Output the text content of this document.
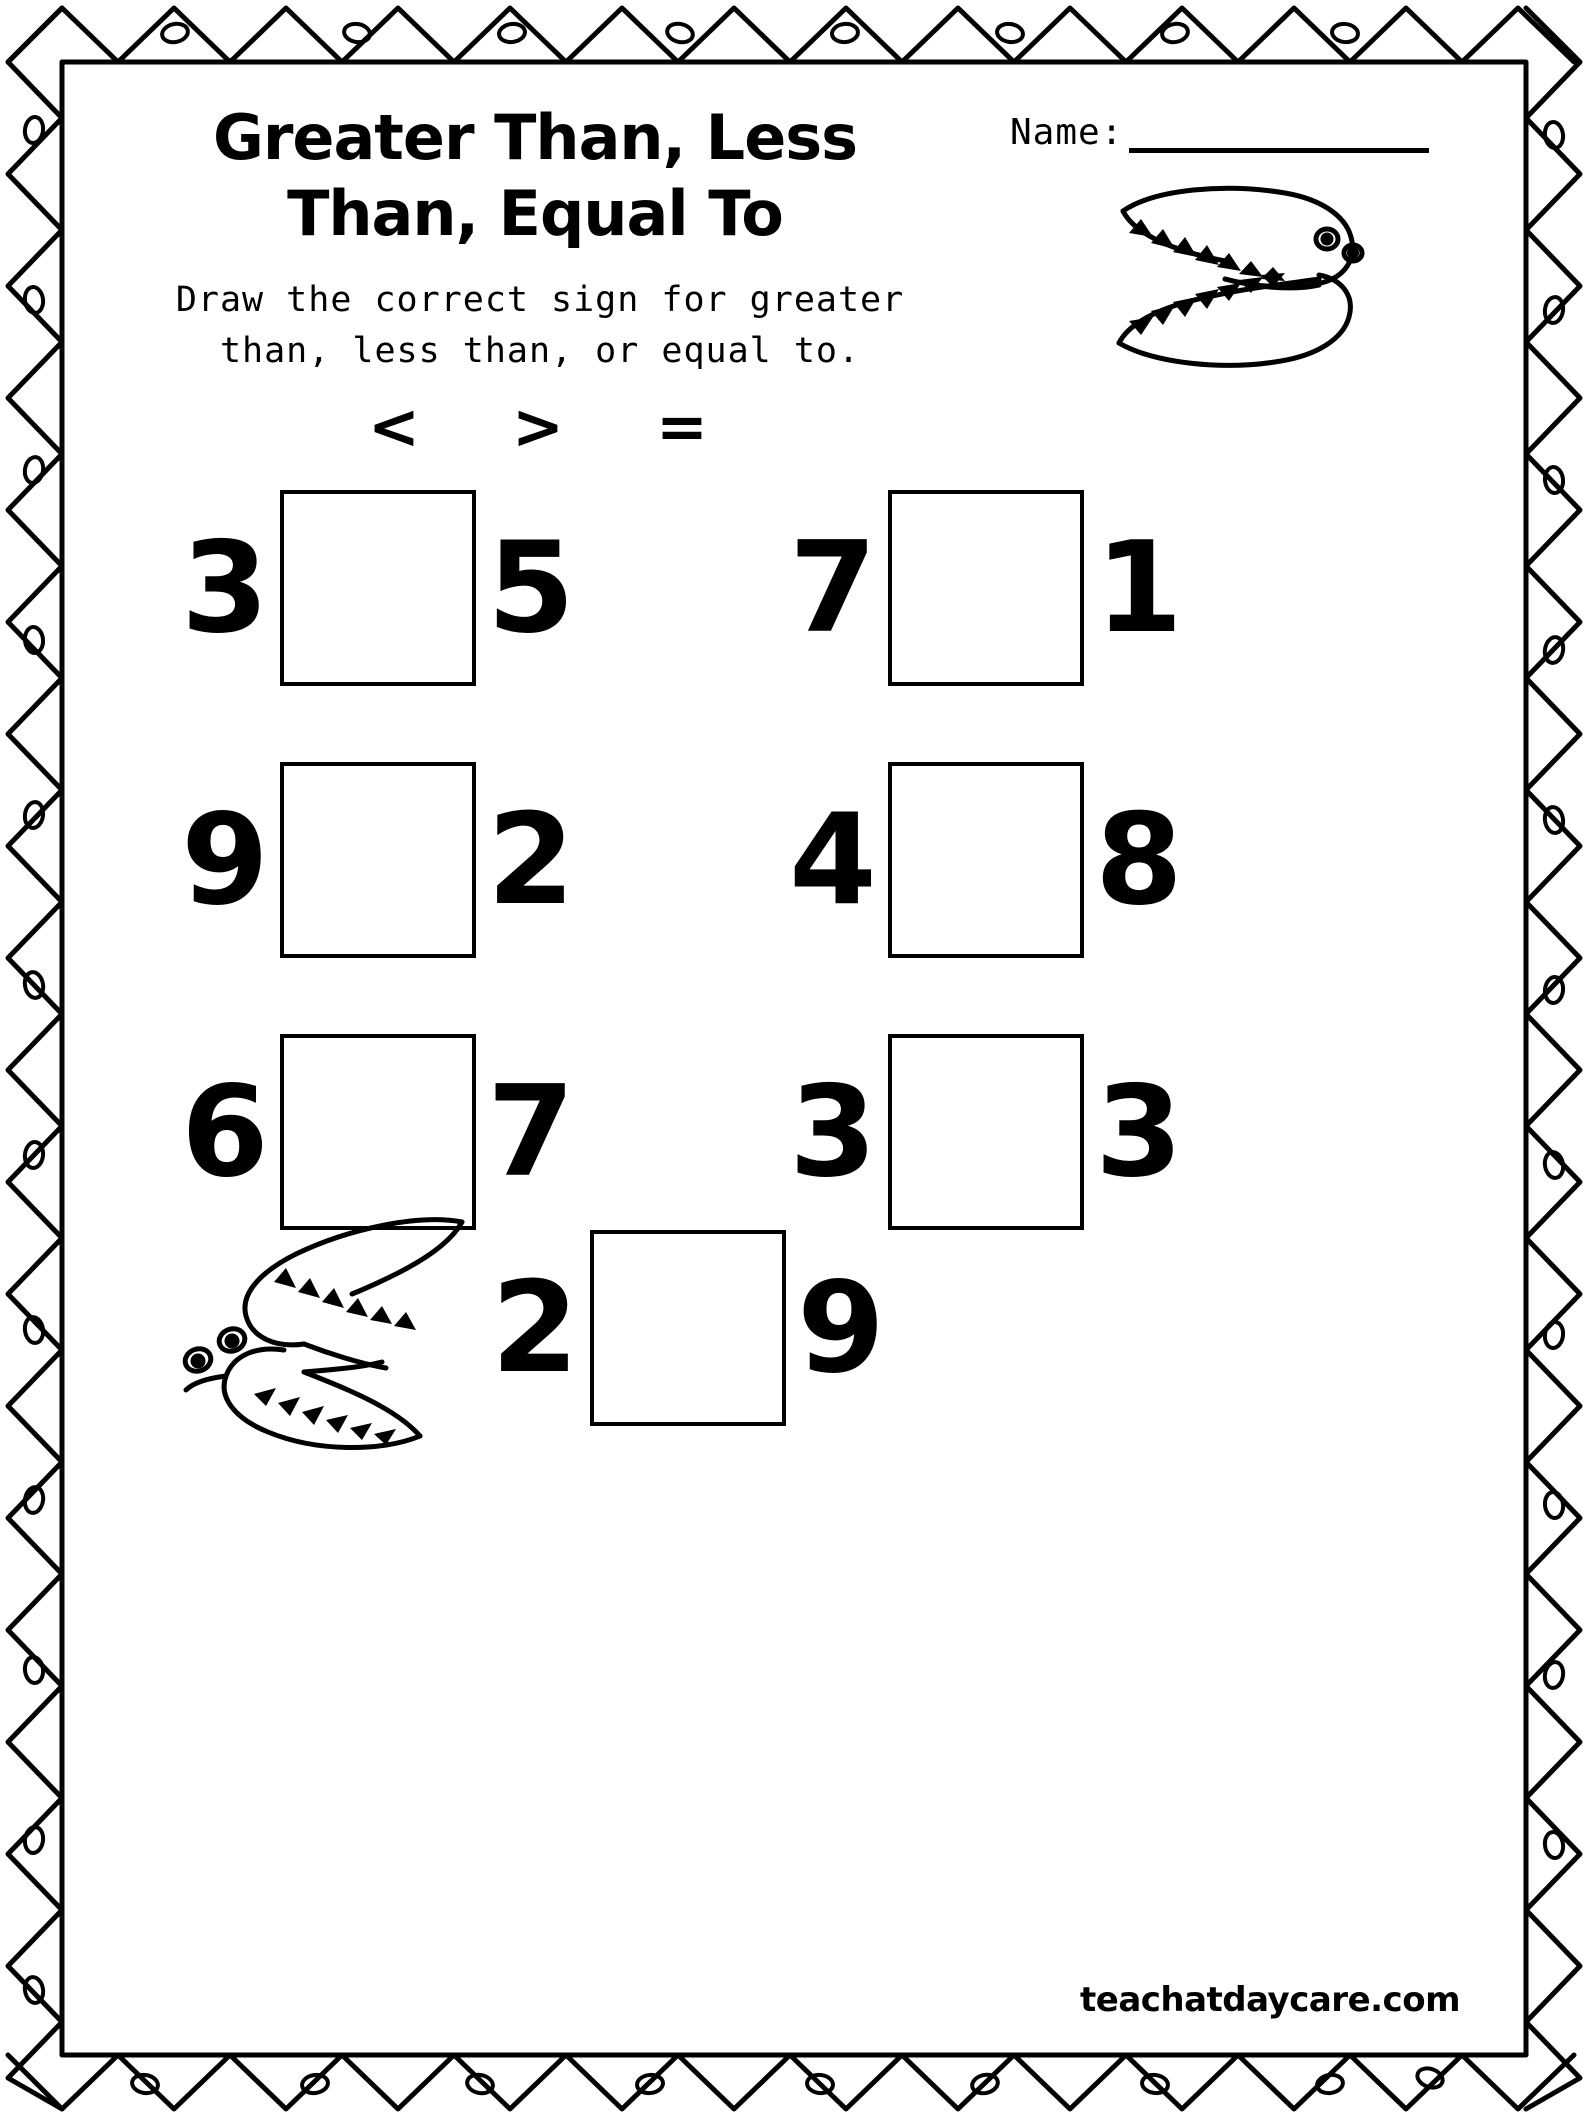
Greater Than, Less Than, Equal To
Name:
Draw the correct sign for greater than, less than, or equal to.
< > =
3 5 7 1
9 2 4 8
6 7 3 3
2 9
teachatdaycare.com
